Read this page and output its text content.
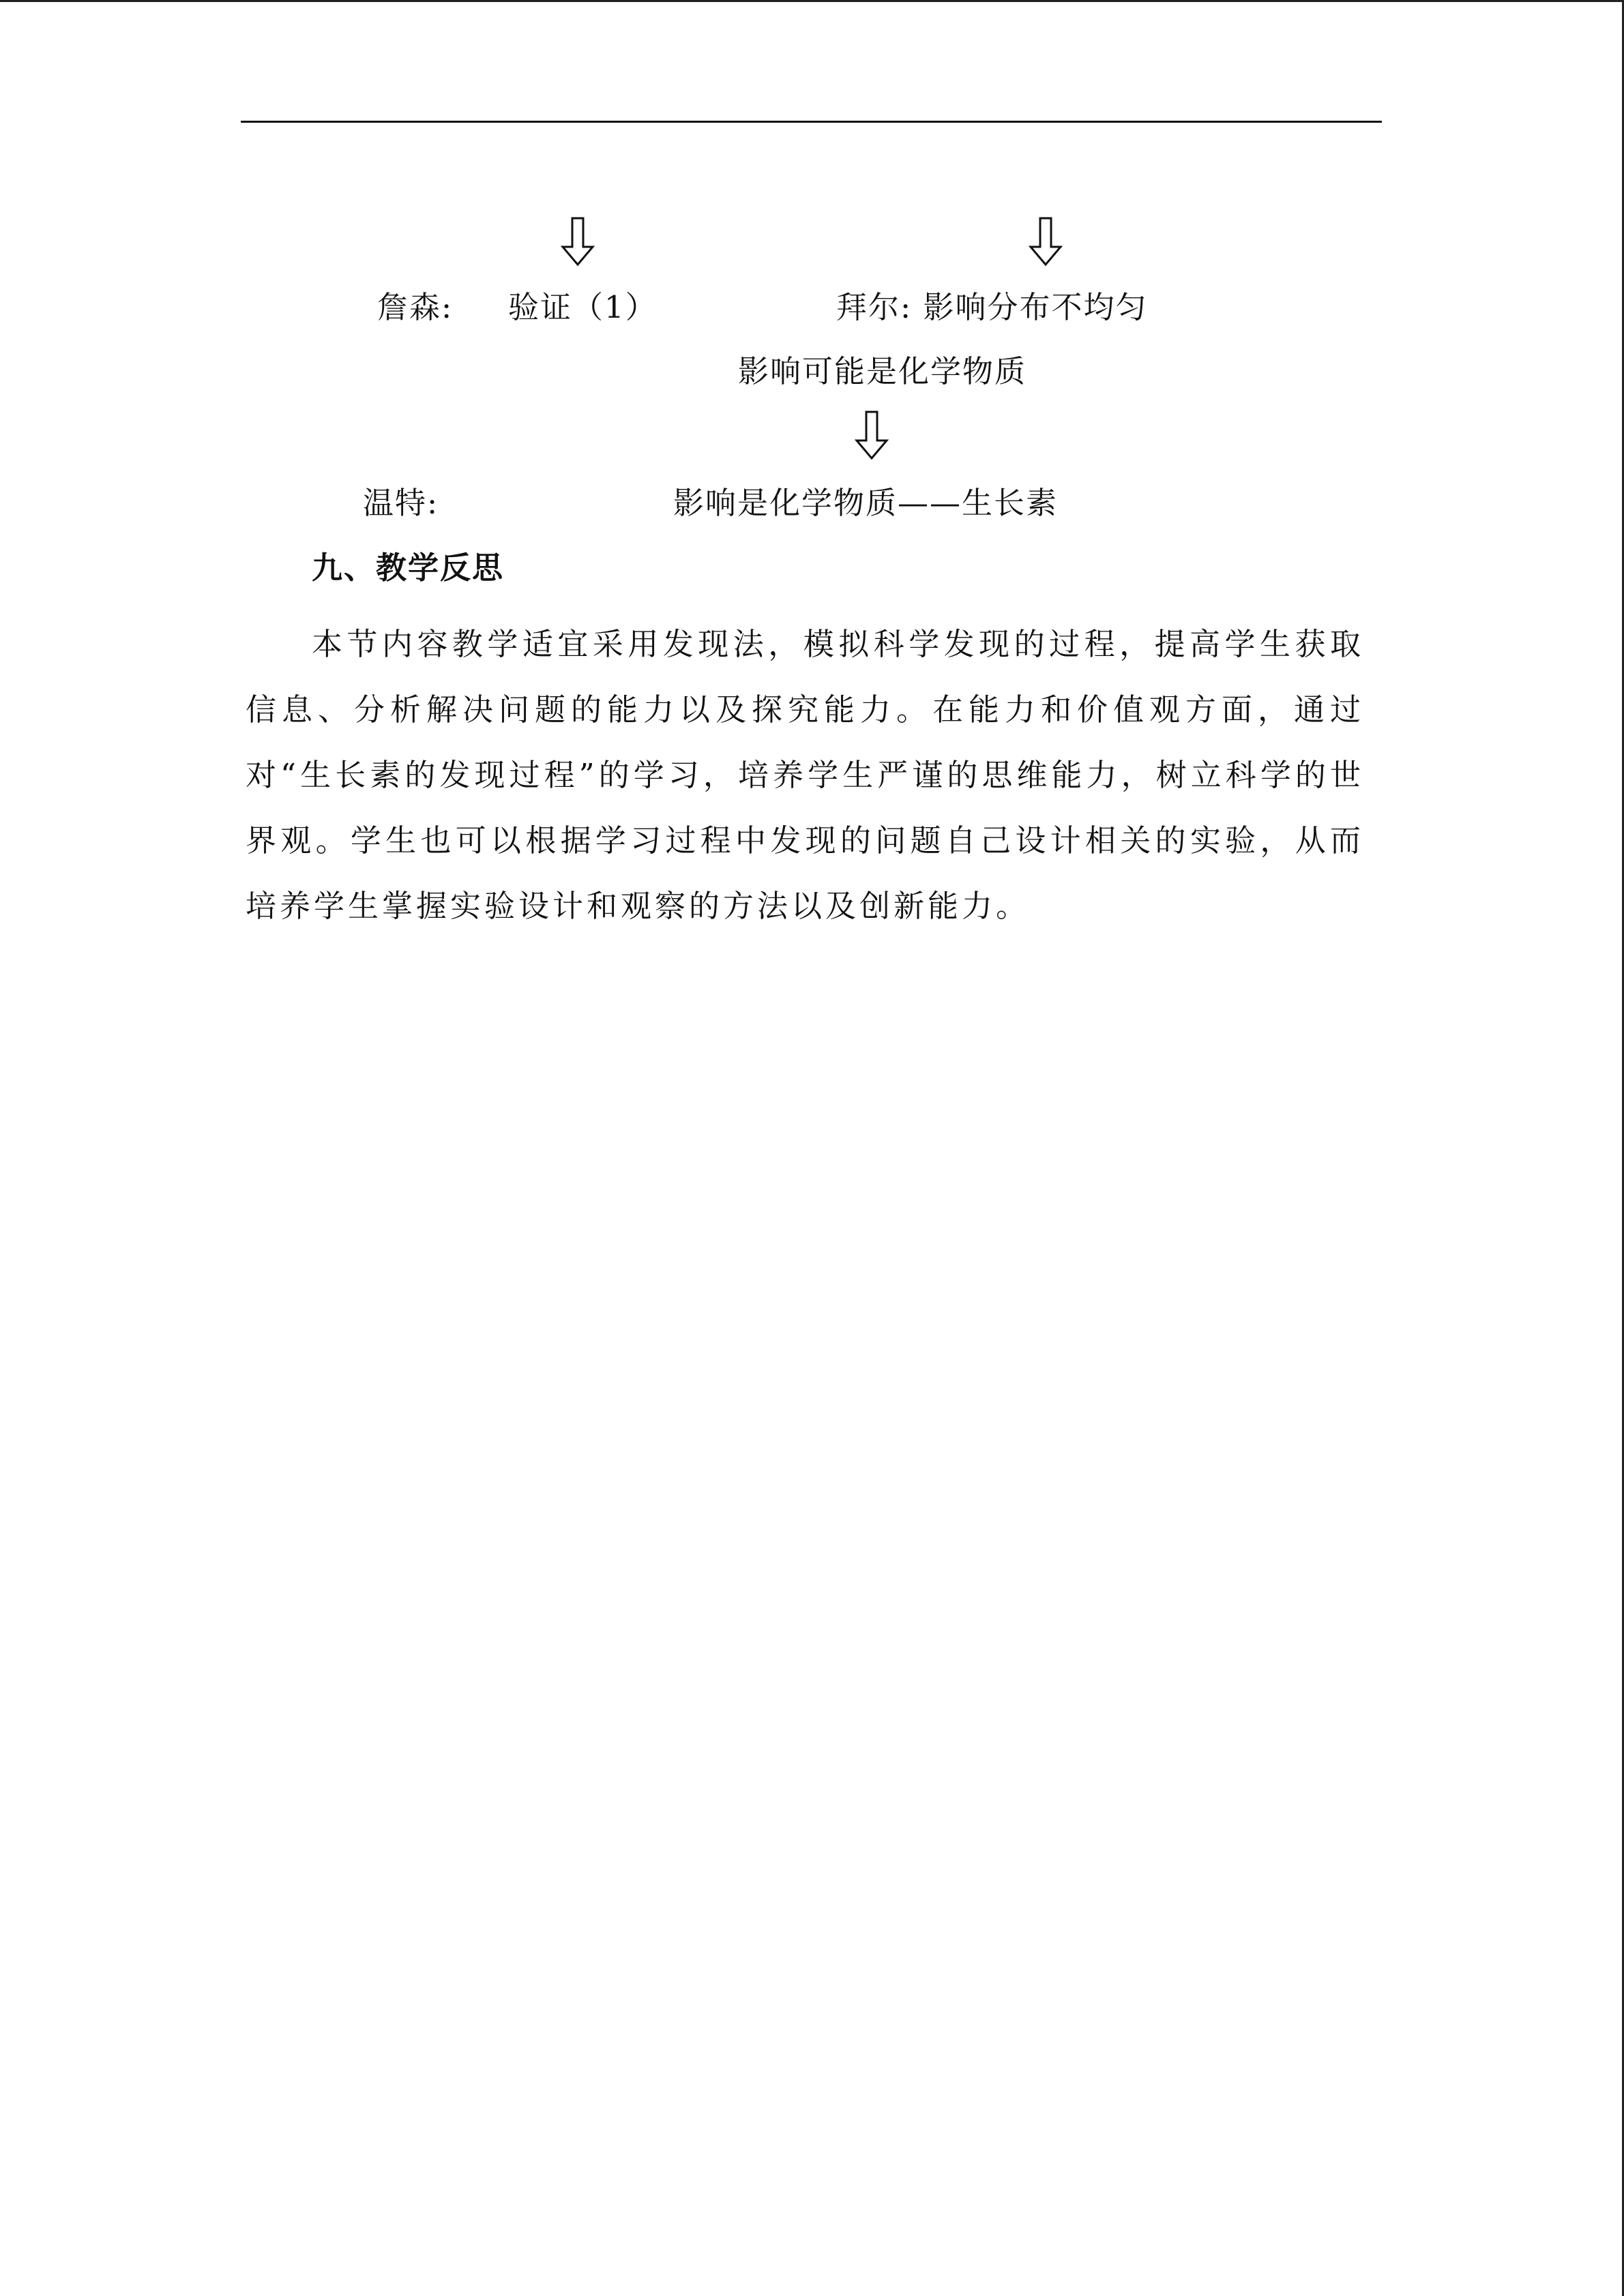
詹森: 验证（1）	拜尔: 影响分布不均匀
影响可能是化学物质
温特:	影响是化学物质——生长素
九、教学反思

本节内容教学适宜采用发现法，模拟科学发现的过程，提高学生获取信息、分析解决问题的能力以及探究能力。在能力和价值观方面，通过对“生长素的发现过程”的学习，培养学生严谨的思维能力，树立科学的世界观。学生也可以根据学习过程中发现的问题自己设计相关的实验，从而培养学生掌握实验设计和观察的方法以及创新能力。
